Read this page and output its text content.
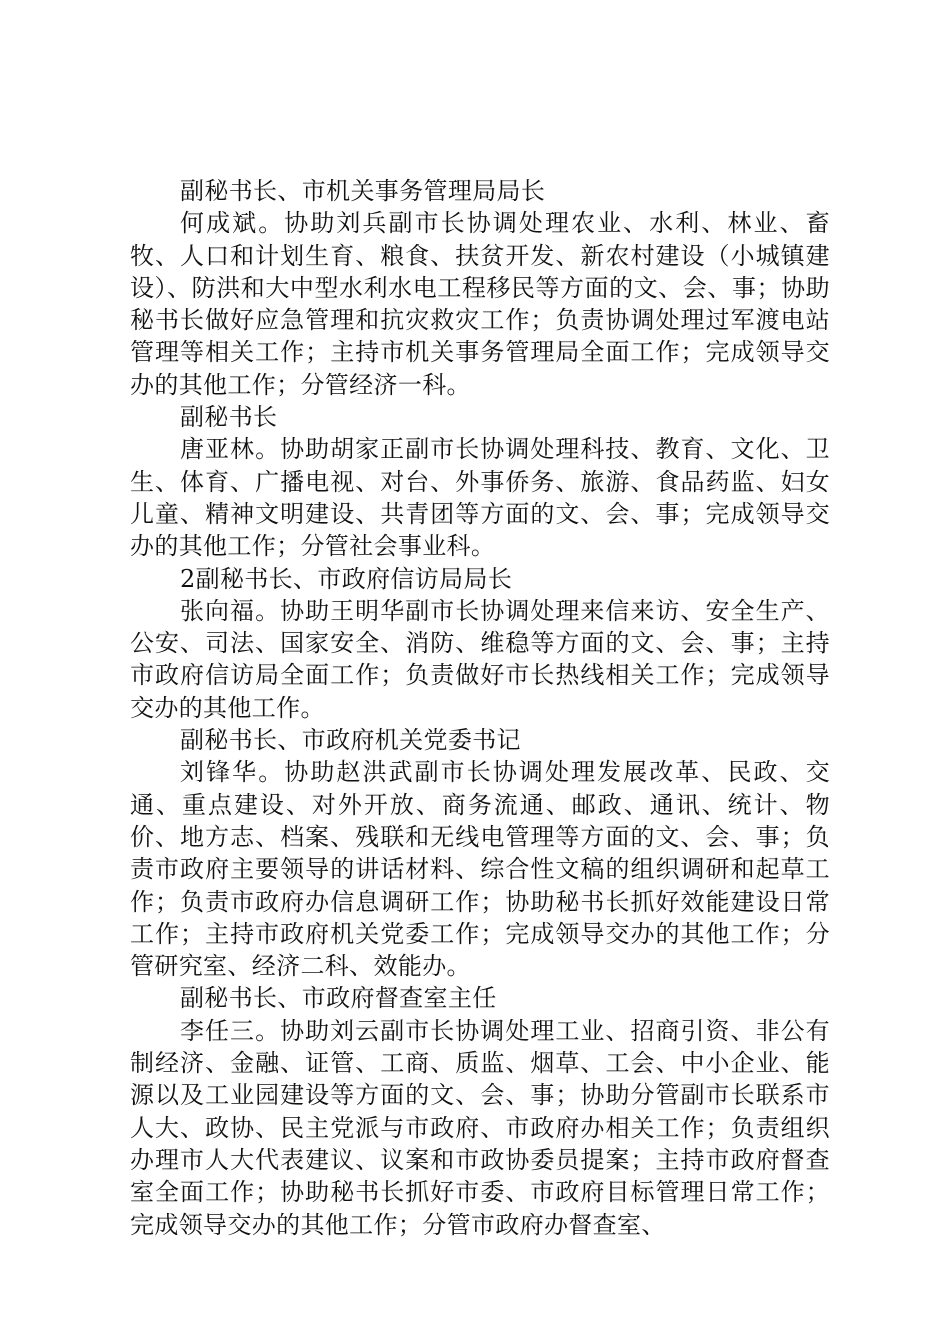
副秘书长、市机关事务管理局局长

何成斌。协助刘兵副市长协调处理农业、水利、林业、畜牧、人口和计划生育、粮食、扶贫开发、新农村建设（小城镇建设）、防洪和大中型水利水电工程移民等方面的文、会、事；协助秘书长做好应急管理和抗灾救灾工作；负责协调处理过军渡电站管理等相关工作；主持市机关事务管理局全面工作；完成领导交办的其他工作；分管经济一科。

副秘书长

唐亚林。协助胡家正副市长协调处理科技、教育、文化、卫生、体育、广播电视、对台、外事侨务、旅游、食品药监、妇女儿童、精神文明建设、共青团等方面的文、会、事；完成领导交办的其他工作；分管社会事业科。

2副秘书长、市政府信访局局长

张向福。协助王明华副市长协调处理来信来访、安全生产、公安、司法、国家安全、消防、维稳等方面的文、会、事；主持市政府信访局全面工作；负责做好市长热线相关工作；完成领导交办的其他工作。

副秘书长、市政府机关党委书记

刘锋华。协助赵洪武副市长协调处理发展改革、民政、交通、重点建设、对外开放、商务流通、邮政、通讯、统计、物价、地方志、档案、残联和无线电管理等方面的文、会、事；负责市政府主要领导的讲话材料、综合性文稿的组织调研和起草工作；负责市政府办信息调研工作；协助秘书长抓好效能建设日常工作；主持市政府机关党委工作；完成领导交办的其他工作；分管研究室、经济二科、效能办。

副秘书长、市政府督查室主任

李任三。协助刘云副市长协调处理工业、招商引资、非公有制经济、金融、证管、工商、质监、烟草、工会、中小企业、能源以及工业园建设等方面的文、会、事；协助分管副市长联系市人大、政协、民主党派与市政府、市政府办相关工作；负责组织办理市人大代表建议、议案和市政协委员提案；主持市政府督查室全面工作；协助秘书长抓好市委、市政府目标管理日常工作；完成领导交办的其他工作；分管市政府办督查室、
